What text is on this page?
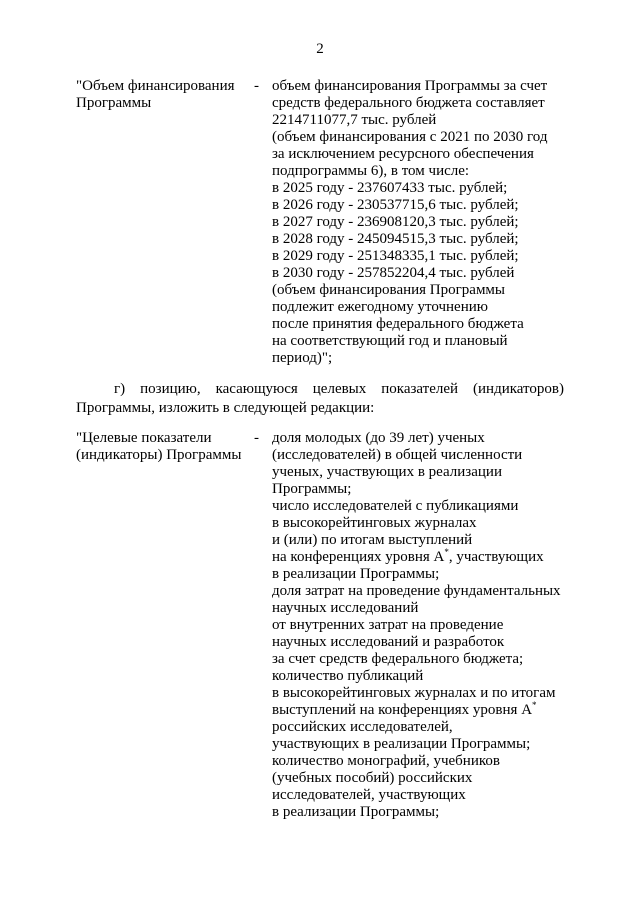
2
"Объем финансирования Программы
- объем финансирования Программы за счет
средств федерального бюджета составляет
2214711077,7 тыс. рублей
(объем финансирования с 2021 по 2030 год
за исключением ресурсного обеспечения
подпрограммы 6), в том числе:
в 2025 году - 237607433 тыс. рублей;
в 2026 году - 230537715,6 тыс. рублей;
в 2027 году - 236908120,3 тыс. рублей;
в 2028 году - 245094515,3 тыс. рублей;
в 2029 году - 251348335,1 тыс. рублей;
в 2030 году - 257852204,4 тыс. рублей
(объем финансирования Программы
подлежит ежегодному уточнению
после принятия федерального бюджета
на соответствующий год и плановый
период)";
г) позицию, касающуюся целевых показателей (индикаторов)
Программы, изложить в следующей редакции:
"Целевые показатели (индикаторы) Программы
- доля молодых (до 39 лет) ученых
(исследователей) в общей численности
ученых, участвующих в реализации
Программы;
число исследователей с публикациями
в высокорейтинговых журналах
и (или) по итогам выступлений
на конференциях уровня А*, участвующих
в реализации Программы;
доля затрат на проведение фундаментальных
научных исследований
от внутренних затрат на проведение
научных исследований и разработок
за счет средств федерального бюджета;
количество публикаций
в высокорейтинговых журналах и по итогам
выступлений на конференциях уровня А*
российских исследователей,
участвующих в реализации Программы;
количество монографий, учебников
(учебных пособий) российских
исследователей, участвующих
в реализации Программы;
